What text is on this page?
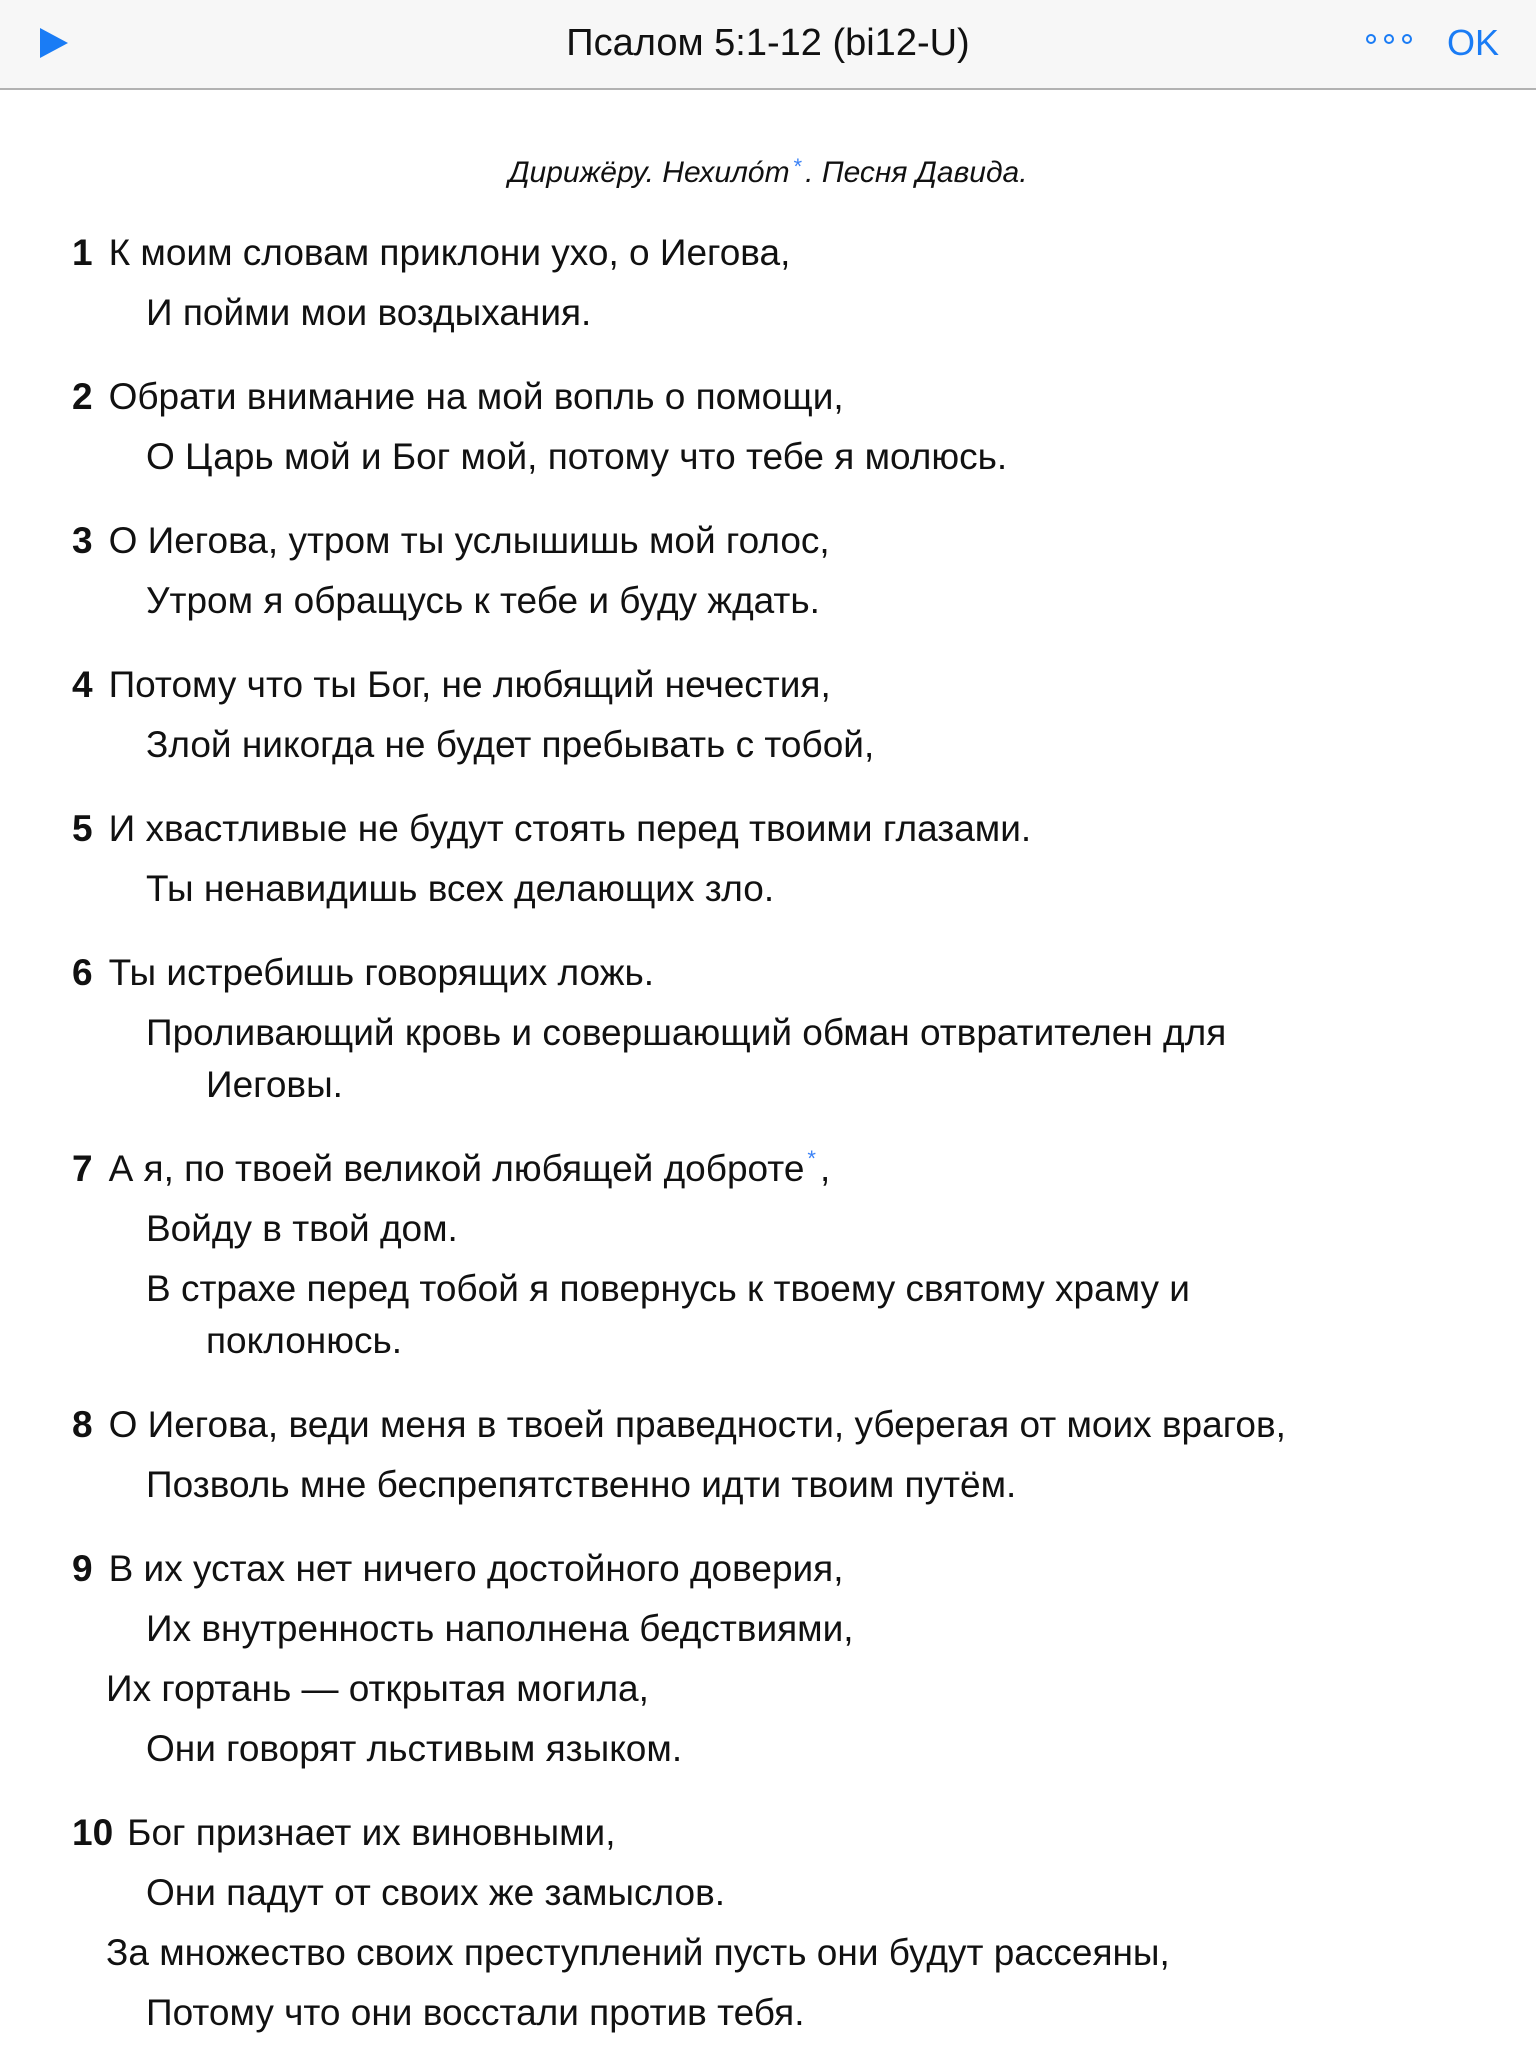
Псалом 5:1-12 (bi12-U)	OK
Дирижёру. Нехило́т * . Песня Давида.
1 К моим словам приклони ухо, о Иегова,
И пойми мои воздыхания.
2 Обрати внимание на мой вопль о помощи,
О Царь мой и Бог мой, потому что тебе я молюсь.
3 О Иегова, утром ты услышишь мой голос,
Утром я обращусь к тебе и буду ждать.
4 Потому что ты Бог, не любящий нечестия,
Злой никогда не будет пребывать с тобой,
5 И хвастливые не будут стоять перед твоими глазами.
Ты ненавидишь всех делающих зло.
6 Ты истребишь говорящих ложь.
Проливающий кровь и совершающий обман отвратителен для
Иеговы.
7 А я, по твоей великой любящей доброте * ,
Войду в твой дом.
В страхе перед тобой я повернусь к твоему святому храму и
поклонюсь.
8 О Иегова, веди меня в твоей праведности, уберегая от моих врагов,
Позволь мне беспрепятственно идти твоим путём.
9 В их устах нет ничего достойного доверия,
Их внутренность наполнена бедствиями,
Их гортань — открытая могила,
Они говорят льстивым языком.
10 Бог признает их виновными,
Они падут от своих же замыслов.
За множество своих преступлений пусть они будут рассеяны,
Потому что они восстали против тебя.
